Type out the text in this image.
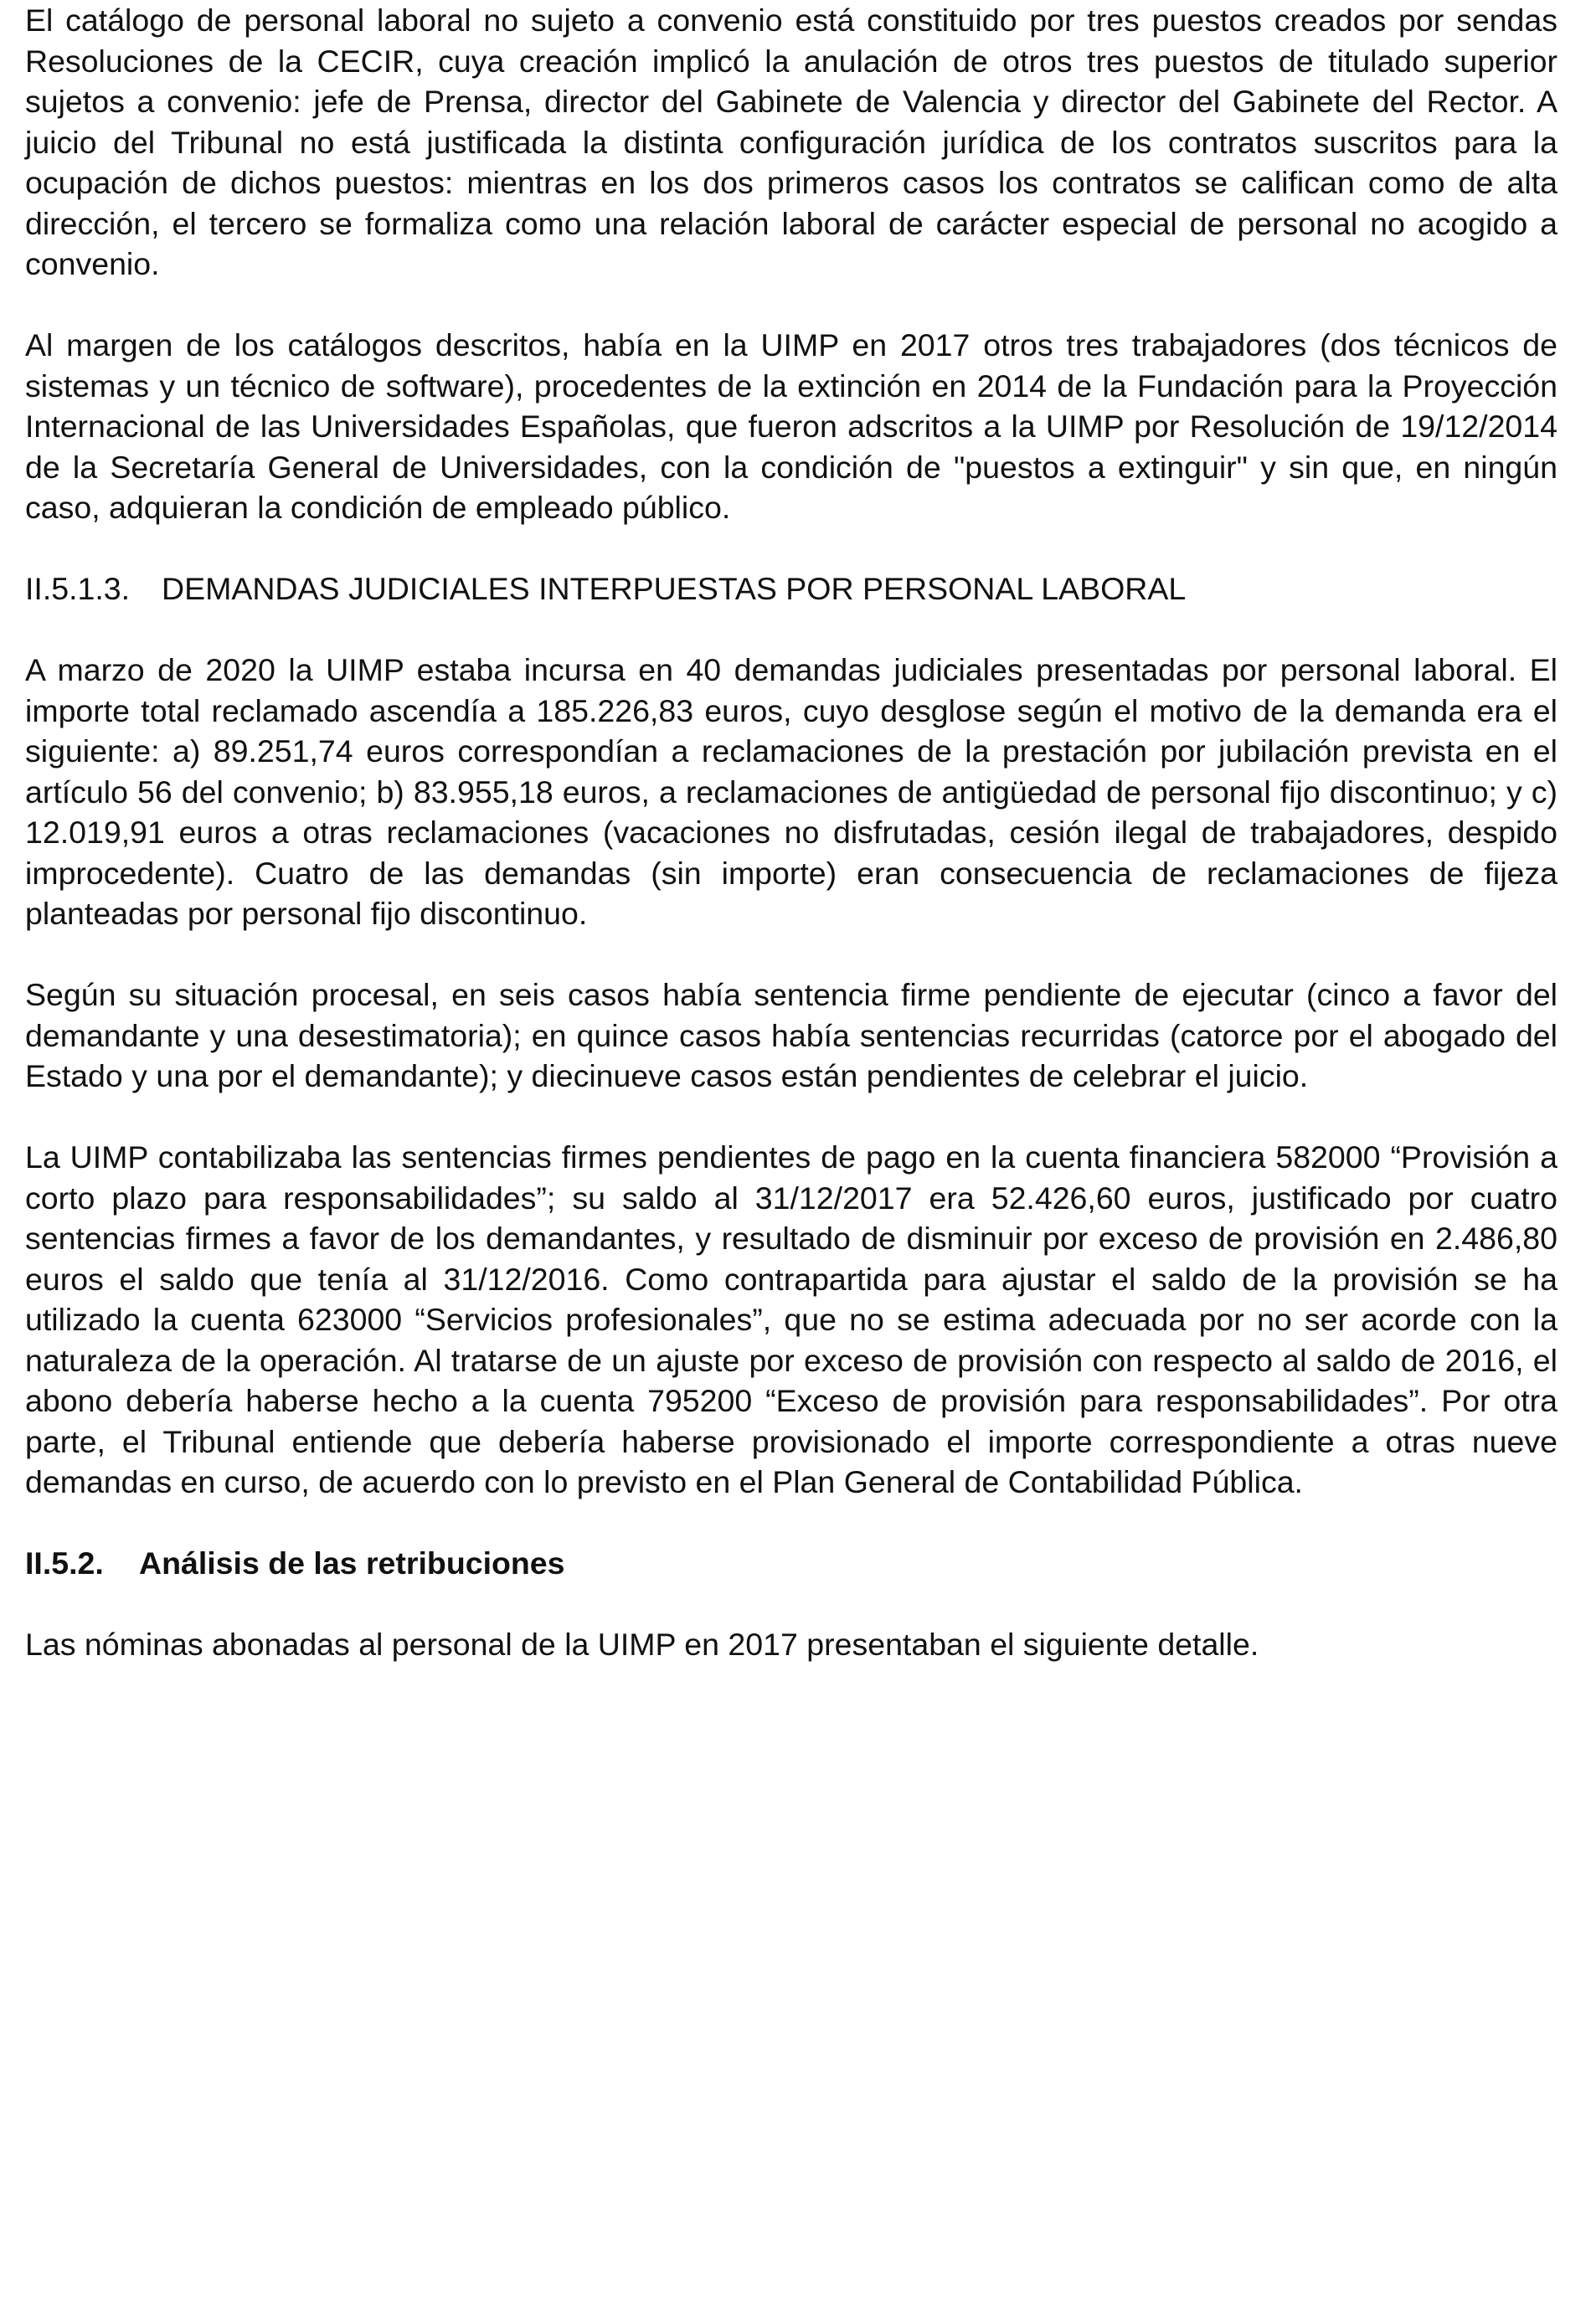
El catálogo de personal laboral no sujeto a convenio está constituido por tres puestos creados por sendas Resoluciones de la CECIR, cuya creación implicó la anulación de otros tres puestos de titulado superior sujetos a convenio: jefe de Prensa, director del Gabinete de Valencia y director del Gabinete del Rector. A juicio del Tribunal no está justificada la distinta configuración jurídica de los contratos suscritos para la ocupación de dichos puestos: mientras en los dos primeros casos los contratos se califican como de alta dirección, el tercero se formaliza como una relación laboral de carácter especial de personal no acogido a convenio.

Al margen de los catálogos descritos, había en la UIMP en 2017 otros tres trabajadores (dos técnicos de sistemas y un técnico de software), procedentes de la extinción en 2014 de la Fundación para la Proyección Internacional de las Universidades Españolas, que fueron adscritos a la UIMP por Resolución de 19/12/2014 de la Secretaría General de Universidades, con la condición de "puestos a extinguir" y sin que, en ningún caso, adquieran la condición de empleado público.

II.5.1.3. DEMANDAS JUDICIALES INTERPUESTAS POR PERSONAL LABORAL

A marzo de 2020 la UIMP estaba incursa en 40 demandas judiciales presentadas por personal laboral. El importe total reclamado ascendía a 185.226,83 euros, cuyo desglose según el motivo de la demanda era el siguiente: a) 89.251,74 euros correspondían a reclamaciones de la prestación por jubilación prevista en el artículo 56 del convenio; b) 83.955,18 euros, a reclamaciones de antigüedad de personal fijo discontinuo; y c) 12.019,91 euros a otras reclamaciones (vacaciones no disfrutadas, cesión ilegal de trabajadores, despido improcedente). Cuatro de las demandas (sin importe) eran consecuencia de reclamaciones de fijeza planteadas por personal fijo discontinuo.

Según su situación procesal, en seis casos había sentencia firme pendiente de ejecutar (cinco a favor del demandante y una desestimatoria); en quince casos había sentencias recurridas (catorce por el abogado del Estado y una por el demandante); y diecinueve casos están pendientes de celebrar el juicio.

La UIMP contabilizaba las sentencias firmes pendientes de pago en la cuenta financiera 582000 “Provisión a corto plazo para responsabilidades”; su saldo al 31/12/2017 era 52.426,60 euros, justificado por cuatro sentencias firmes a favor de los demandantes, y resultado de disminuir por exceso de provisión en 2.486,80 euros el saldo que tenía al 31/12/2016. Como contrapartida para ajustar el saldo de la provisión se ha utilizado la cuenta 623000 “Servicios profesionales”, que no se estima adecuada por no ser acorde con la naturaleza de la operación. Al tratarse de un ajuste por exceso de provisión con respecto al saldo de 2016, el abono debería haberse hecho a la cuenta 795200 “Exceso de provisión para responsabilidades”. Por otra parte, el Tribunal entiende que debería haberse provisionado el importe correspondiente a otras nueve demandas en curso, de acuerdo con lo previsto en el Plan General de Contabilidad Pública.

II.5.2. Análisis de las retribuciones

Las nóminas abonadas al personal de la UIMP en 2017 presentaban el siguiente detalle.
